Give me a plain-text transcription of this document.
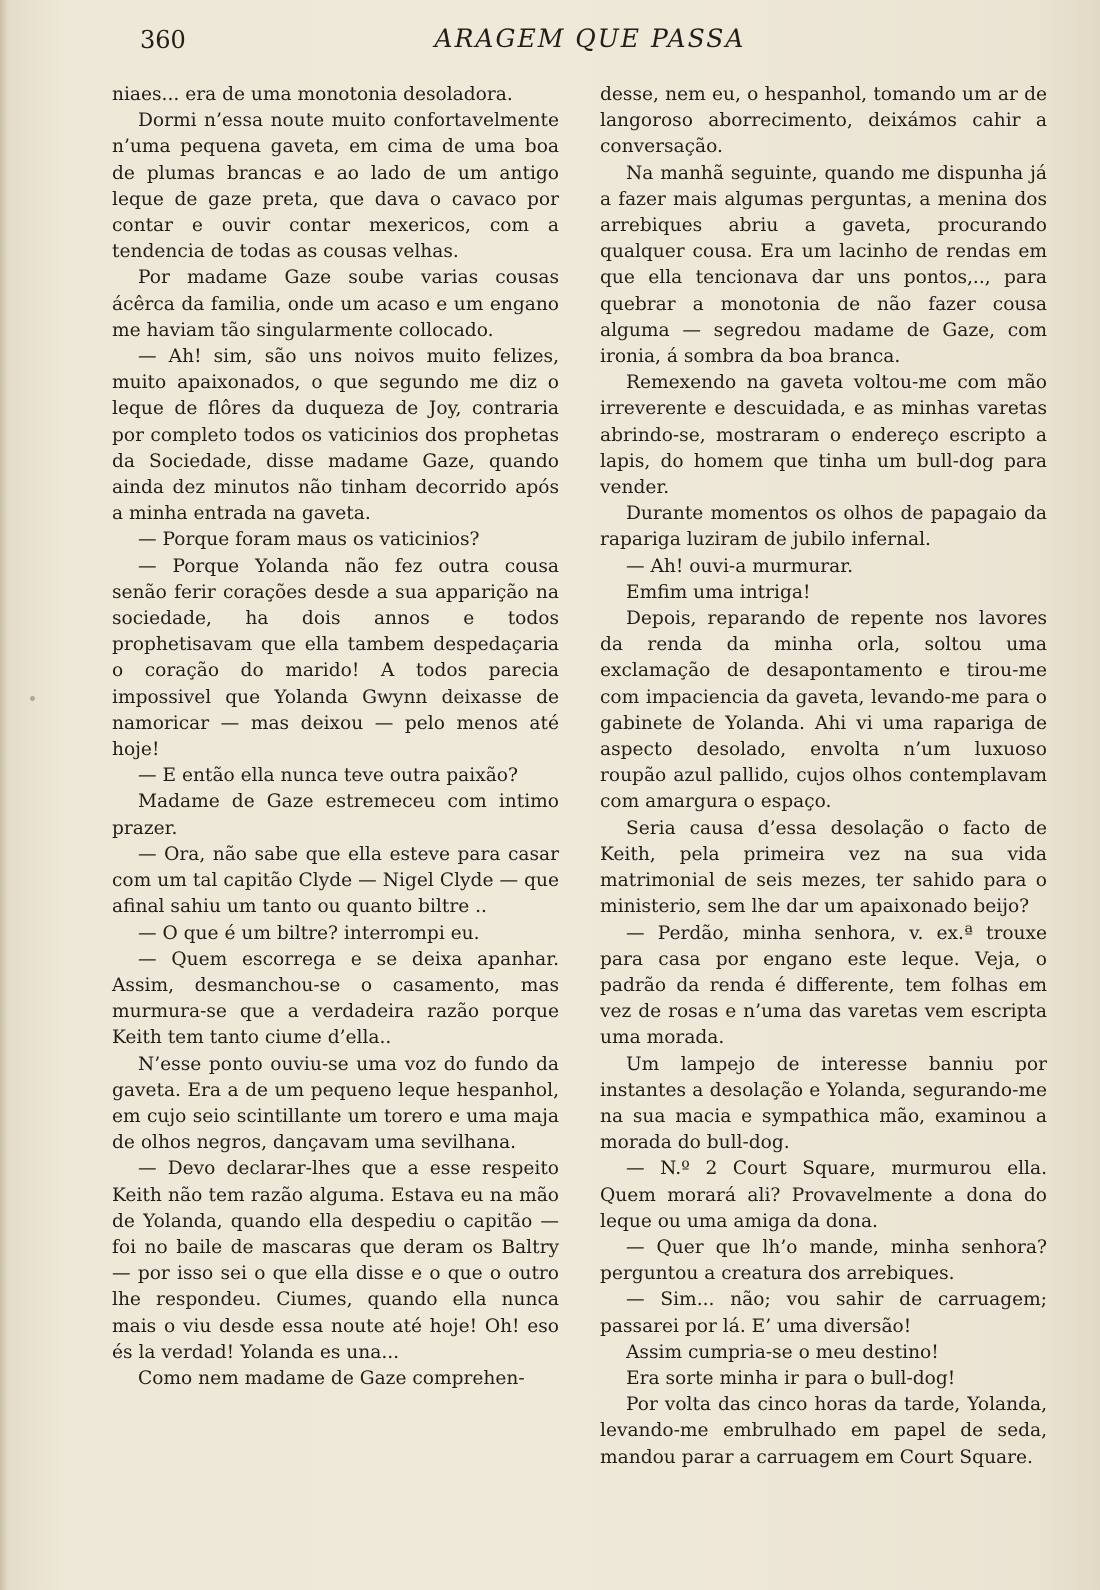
360	ARAGEM QUE PASSA

niaes... era de uma monotonia desoladora.

Dormi n’essa noute muito confortavelmente n’uma pequena gaveta, em cima de uma boa de plumas brancas e ao lado de um antigo leque de gaze preta, que dava o cavaco por contar e ouvir contar mexericos, com a tendencia de todas as cousas velhas.

Por madame Gaze soube varias cousas ácêrca da familia, onde um acaso e um engano me haviam tão singularmente collocado.

— Ah! sim, são uns noivos muito felizes, muito apaixonados, o que segundo me diz o leque de flôres da duqueza de Joy, contraria por completo todos os vaticinios dos prophetas da Sociedade, disse madame Gaze, quando ainda dez minutos não tinham decorrido após a minha entrada na gaveta.

— Porque foram maus os vaticinios?

— Porque Yolanda não fez outra cousa senão ferir corações desde a sua apparição na sociedade, ha dois annos e todos prophetisavam que ella tambem despedaçaria o coração do marido! A todos parecia impossivel que Yolanda Gwynn deixasse de namoricar — mas deixou — pelo menos até hoje!

— E então ella nunca teve outra paixão?

Madame de Gaze estremeceu com intimo prazer.

— Ora, não sabe que ella esteve para casar com um tal capitão Clyde — Nigel Clyde — que afinal sahiu um tanto ou quanto biltre ..

— O que é um biltre? interrompi eu.

— Quem escorrega e se deixa apanhar. Assim, desmanchou-se o casamento, mas murmura-se que a verdadeira razão porque Keith tem tanto ciume d’ella..

N’esse ponto ouviu-se uma voz do fundo da gaveta. Era a de um pequeno leque hespanhol, em cujo seio scintillante um torero e uma maja de olhos negros, dançavam uma sevilhana.

— Devo declarar-lhes que a esse respeito Keith não tem razão alguma. Estava eu na mão de Yolanda, quando ella despediu o capitão — foi no baile de mascaras que deram os Baltry — por isso sei o que ella disse e o que o outro lhe respondeu. Ciumes, quando ella nunca mais o viu desde essa noute até hoje! Oh! eso és la verdad! Yolanda es una...

Como nem madame de Gaze comprehen-

desse, nem eu, o hespanhol, tomando um ar de langoroso aborrecimento, deixámos cahir a conversação.

Na manhã seguinte, quando me dispunha já a fazer mais algumas perguntas, a menina dos arrebiques abriu a gaveta, procurando qualquer cousa. Era um lacinho de rendas em que ella tencionava dar uns pontos,.., para quebrar a monotonia de não fazer cousa alguma — segredou madame de Gaze, com ironia, á sombra da boa branca.

Remexendo na gaveta voltou-me com mão irreverente e descuidada, e as minhas varetas abrindo-se, mostraram o endereço escripto a lapis, do homem que tinha um bull-dog para vender.

Durante momentos os olhos de papagaio da rapariga luziram de jubilo infernal.

— Ah! ouvi-a murmurar.

Emfim uma intriga!

Depois, reparando de repente nos lavores da renda da minha orla, soltou uma exclamação de desapontamento e tirou-me com impaciencia da gaveta, levando-me para o gabinete de Yolanda. Ahi vi uma rapariga de aspecto desolado, envolta n’um luxuoso roupão azul pallido, cujos olhos contemplavam com amargura o espaço.

Seria causa d’essa desolação o facto de Keith, pela primeira vez na sua vida matrimonial de seis mezes, ter sahido para o ministerio, sem lhe dar um apaixonado beijo?

— Perdão, minha senhora, v. ex.ª trouxe para casa por engano este leque. Veja, o padrão da renda é differente, tem folhas em vez de rosas e n’uma das varetas vem escripta uma morada.

Um lampejo de interesse banniu por instantes a desolação e Yolanda, segurando-me na sua macia e sympathica mão, examinou a morada do bull-dog.

— N.º 2 Court Square, murmurou ella. Quem morará ali? Provavelmente a dona do leque ou uma amiga da dona.

— Quer que lh’o mande, minha senhora? perguntou a creatura dos arrebiques.

— Sim... não; vou sahir de carruagem; passarei por lá. E’ uma diversão!

Assim cumpria-se o meu destino!

Era sorte minha ir para o bull-dog!

Por volta das cinco horas da tarde, Yolanda, levando-me embrulhado em papel de seda, mandou parar a carruagem em Court Square.
